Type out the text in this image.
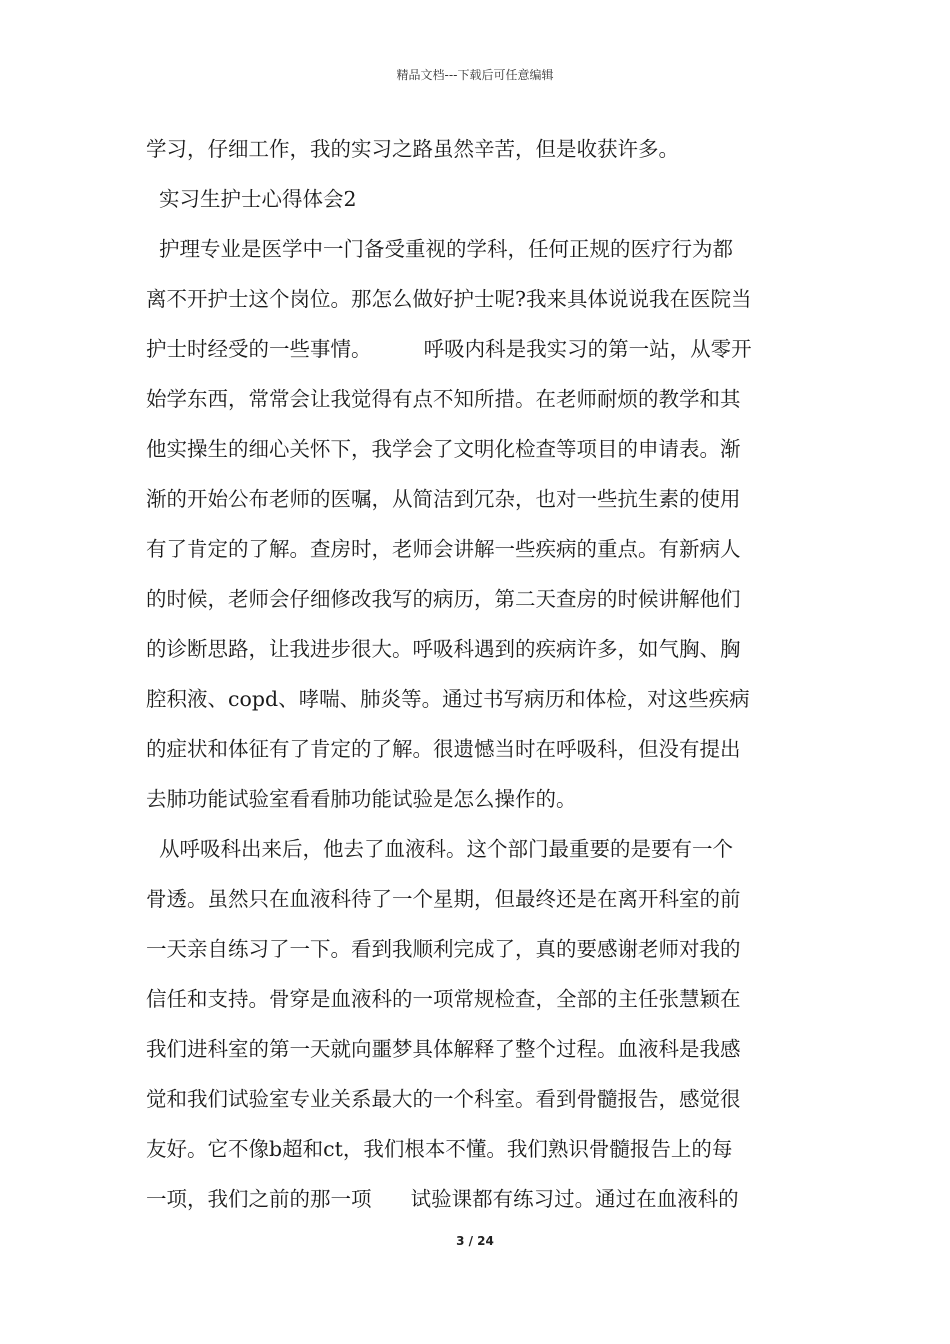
精品文档---下载后可任意编辑
学习，仔细工作，我的实习之路虽然辛苦，但是收获许多。
实习生护士心得体会2
护理专业是医学中一门备受重视的学科，任何正规的医疗行为都
离不开护士这个岗位。那怎么做好护士呢?我来具体说说我在医院当
护士时经受的一些事情。        呼吸内科是我实习的第一站，从零开
始学东西，常常会让我觉得有点不知所措。在老师耐烦的教学和其
他实操生的细心关怀下，我学会了文明化检查等项目的申请表。渐
渐的开始公布老师的医嘱，从简洁到冗杂，也对一些抗生素的使用
有了肯定的了解。查房时，老师会讲解一些疾病的重点。有新病人
的时候，老师会仔细修改我写的病历，第二天查房的时候讲解他们
的诊断思路，让我进步很大。呼吸科遇到的疾病许多，如气胸、胸
腔积液、copd、哮喘、肺炎等。通过书写病历和体检，对这些疾病
的症状和体征有了肯定的了解。很遗憾当时在呼吸科，但没有提出
去肺功能试验室看看肺功能试验是怎么操作的。
从呼吸科出来后，他去了血液科。这个部门最重要的是要有一个
骨透。虽然只在血液科待了一个星期，但最终还是在离开科室的前
一天亲自练习了一下。看到我顺利完成了，真的要感谢老师对我的
信任和支持。骨穿是血液科的一项常规检查，全部的主任张慧颖在
我们进科室的第一天就向噩梦具体解释了整个过程。血液科是我感
觉和我们试验室专业关系最大的一个科室。看到骨髓报告，感觉很
友好。它不像b超和ct，我们根本不懂。我们熟识骨髓报告上的每
一项，我们之前的那一项      试验课都有练习过。通过在血液科的
3 / 24
